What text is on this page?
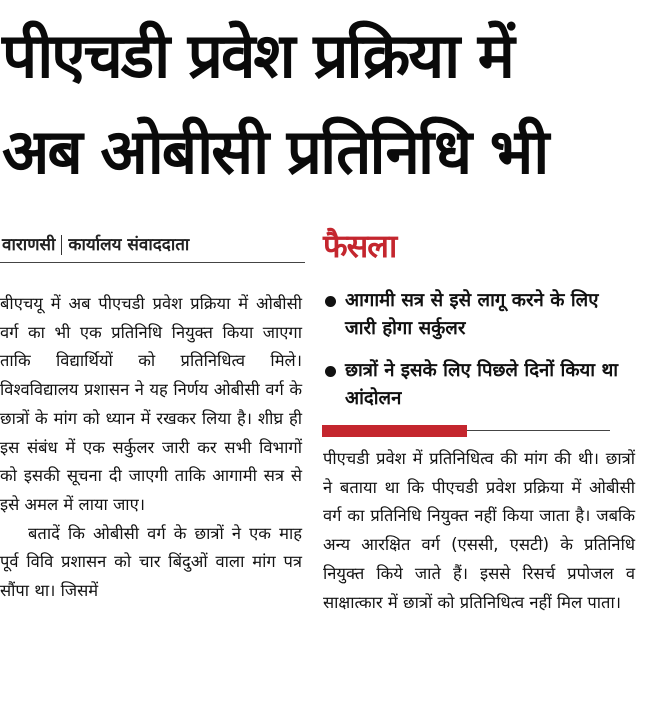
पीएचडी प्रवेश प्रक्रिया में
अब ओबीसी प्रतिनिधि भी
वाराणसी कार्यालय संवाददाता

बीएचयू में अब पीएचडी प्रवेश प्रक्रिया में ओबीसी वर्ग का भी एक प्रतिनिधि नियुक्त किया जाएगा ताकि विद्यार्थियों को प्रतिनिधित्व मिले। विश्वविद्यालय प्रशासन ने यह निर्णय ओबीसी वर्ग के छात्रों के मांग को ध्यान में रखकर लिया है। शीघ्र ही इस संबंध में एक सर्कुलर जारी कर सभी विभागों को इसकी सूचना दी जाएगी ताकि आगामी सत्र से इसे अमल में लाया जाए।

बतादें कि ओबीसी वर्ग के छात्रों ने एक माह पूर्व विवि प्रशासन को चार बिंदुओं वाला मांग पत्र सौंपा था। जिसमें

फैसला
आगामी सत्र से इसे लागू करने के लिए जारी होगा सर्कुलर
छात्रों ने इसके लिए पिछले दिनों किया था आंदोलन

पीएचडी प्रवेश में प्रतिनिधित्व की मांग की थी। छात्रों ने बताया था कि पीएचडी प्रवेश प्रक्रिया में ओबीसी वर्ग का प्रतिनिधि नियुक्त नहीं किया जाता है। जबकि अन्य आरक्षित वर्ग (एससी, एसटी) के प्रतिनिधि नियुक्त किये जाते हैं। इससे रिसर्च प्रपोजल व साक्षात्कार में छात्रों को प्रतिनिधित्व नहीं मिल पाता।
